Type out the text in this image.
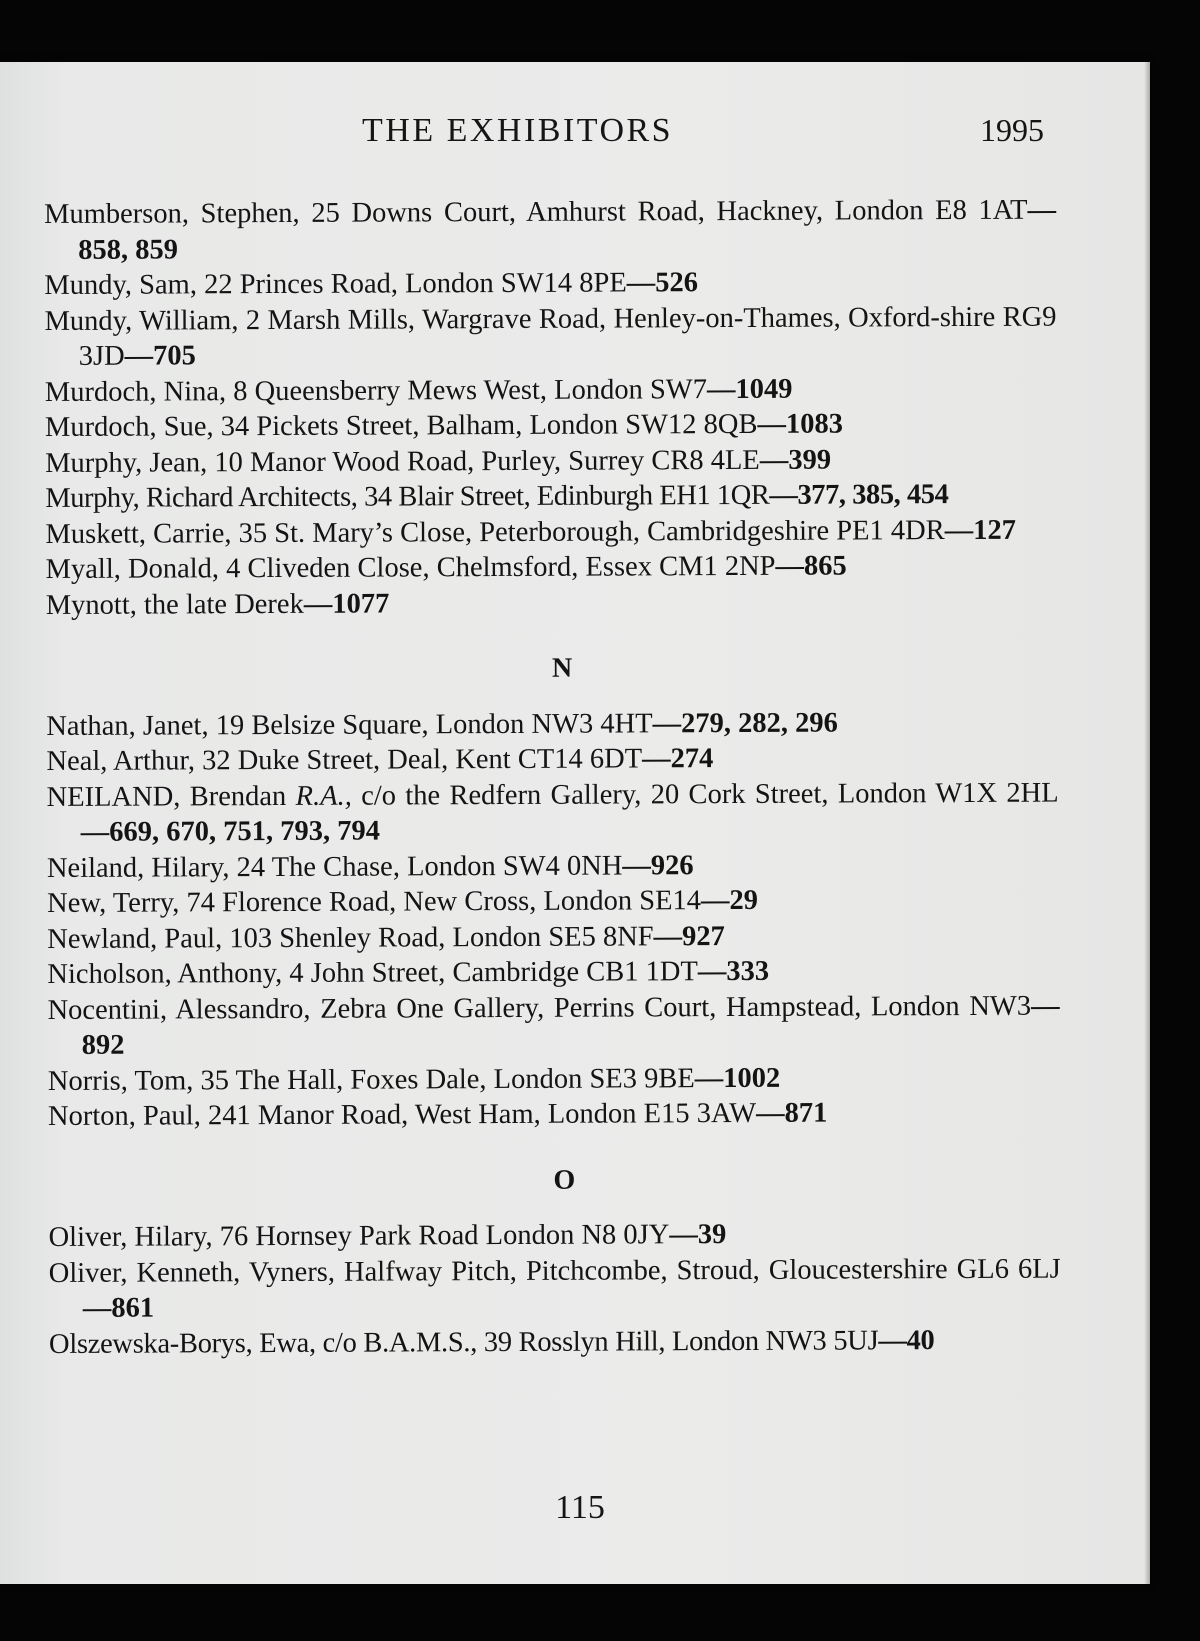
THE EXHIBITORS	1995
Mumberson, Stephen, 25 Downs Court, Amhurst Road, Hackney, London E8 1AT—858, 859
Mundy, Sam, 22 Princes Road, London SW14 8PE—526
Mundy, William, 2 Marsh Mills, Wargrave Road, Henley-on-Thames, Oxford-shire RG9 3JD—705
Murdoch, Nina, 8 Queensberry Mews West, London SW7—1049
Murdoch, Sue, 34 Pickets Street, Balham, London SW12 8QB—1083
Murphy, Jean, 10 Manor Wood Road, Purley, Surrey CR8 4LE—399
Murphy, Richard Architects, 34 Blair Street, Edinburgh EH1 1QR—377, 385, 454
Muskett, Carrie, 35 St. Mary’s Close, Peterborough, Cambridgeshire PE1 4DR—127
Myall, Donald, 4 Cliveden Close, Chelmsford, Essex CM1 2NP—865
Mynott, the late Derek—1077
N
Nathan, Janet, 19 Belsize Square, London NW3 4HT—279, 282, 296
Neal, Arthur, 32 Duke Street, Deal, Kent CT14 6DT—274
NEILAND, Brendan R.A., c/o the Redfern Gallery, 20 Cork Street, London W1X 2HL—669, 670, 751, 793, 794
Neiland, Hilary, 24 The Chase, London SW4 0NH—926
New, Terry, 74 Florence Road, New Cross, London SE14—29
Newland, Paul, 103 Shenley Road, London SE5 8NF—927
Nicholson, Anthony, 4 John Street, Cambridge CB1 1DT—333
Nocentini, Alessandro, Zebra One Gallery, Perrins Court, Hampstead, London NW3—892
Norris, Tom, 35 The Hall, Foxes Dale, London SE3 9BE—1002
Norton, Paul, 241 Manor Road, West Ham, London E15 3AW—871
O
Oliver, Hilary, 76 Hornsey Park Road London N8 0JY—39
Oliver, Kenneth, Vyners, Halfway Pitch, Pitchcombe, Stroud, Gloucestershire GL6 6LJ—861
Olszewska-Borys, Ewa, c/o B.A.M.S., 39 Rosslyn Hill, London NW3 5UJ—40
115
